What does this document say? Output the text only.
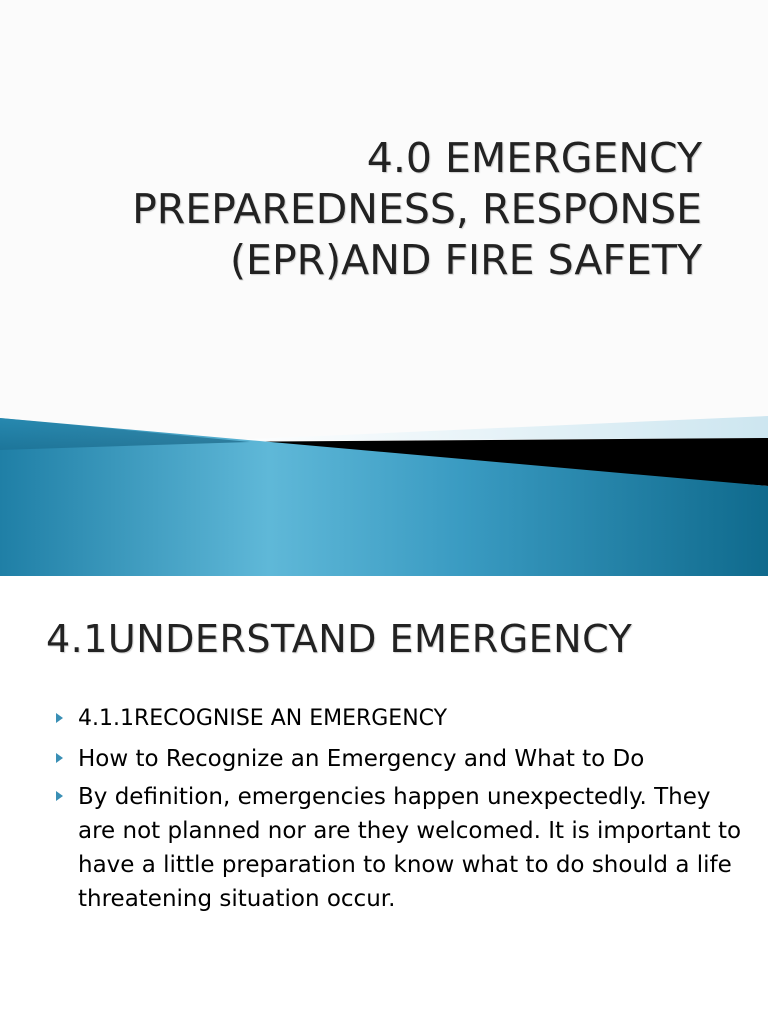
4.0 EMERGENCY
PREPAREDNESS, RESPONSE
(EPR)AND FIRE SAFETY
4.1UNDERSTAND EMERGENCY
4.1.1RECOGNISE AN EMERGENCY
How to Recognize an Emergency and What to Do
By definition, emergencies happen unexpectedly. They are not planned nor are they welcomed. It is important to have a little preparation to know what to do should a life threatening situation occur.
